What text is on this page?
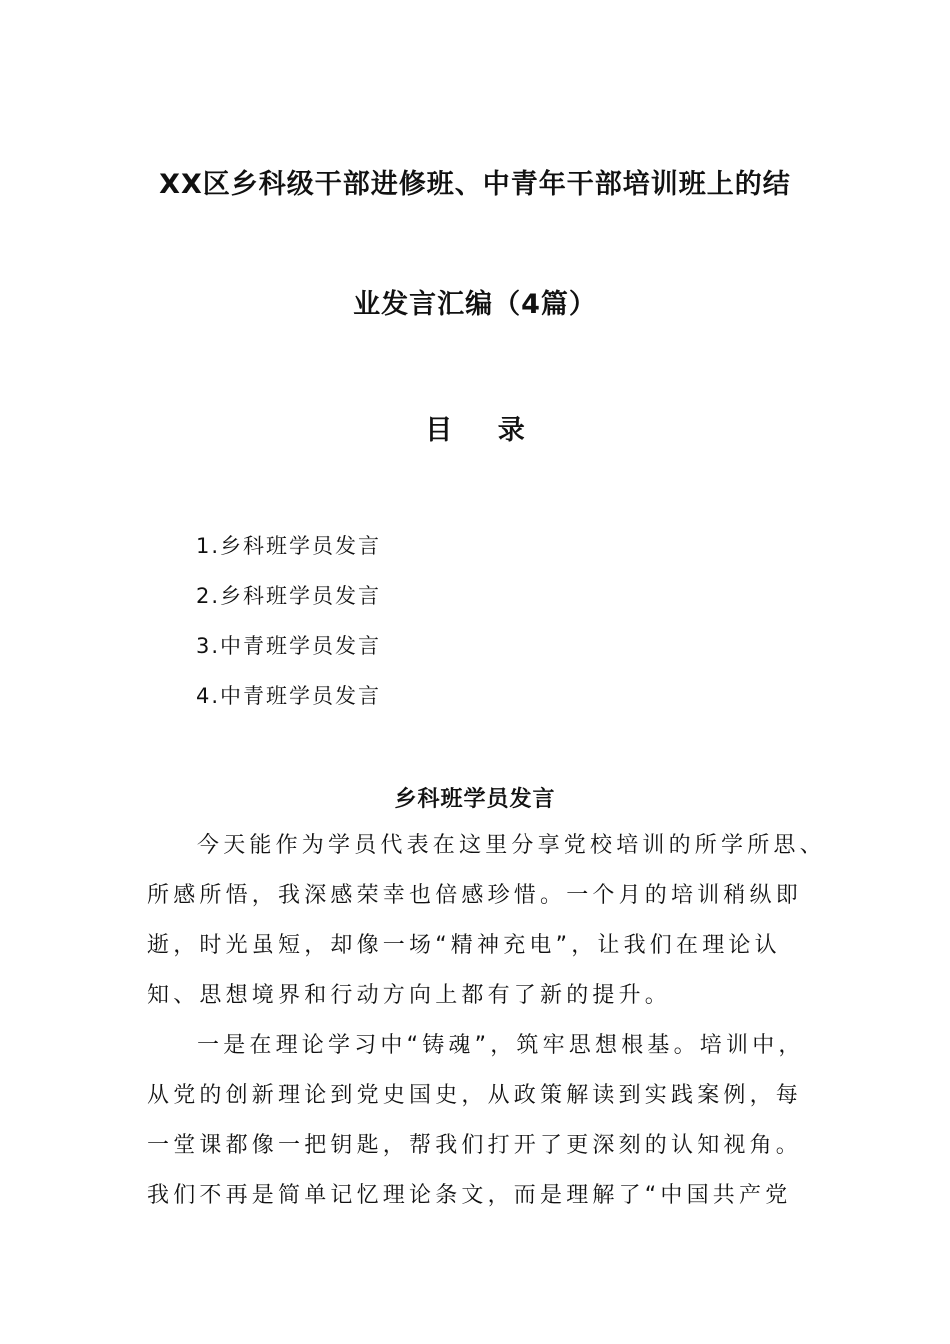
XX区乡科级干部进修班、中青年干部培训班上的结
业发言汇编（4篇）
目 录
1.乡科班学员发言
2.乡科班学员发言
3.中青班学员发言
4.中青班学员发言
乡科班学员发言
今天能作为学员代表在这里分享党校培训的所学所思、
所感所悟，我深感荣幸也倍感珍惜。一个月的培训稍纵即
逝，时光虽短，却像一场“精神充电”，让我们在理论认
知、思想境界和行动方向上都有了新的提升。
一是在理论学习中“铸魂”，筑牢思想根基。培训中，
从党的创新理论到党史国史，从政策解读到实践案例，每
一堂课都像一把钥匙，帮我们打开了更深刻的认知视角。
我们不再是简单记忆理论条文，而是理解了“中国共产党
